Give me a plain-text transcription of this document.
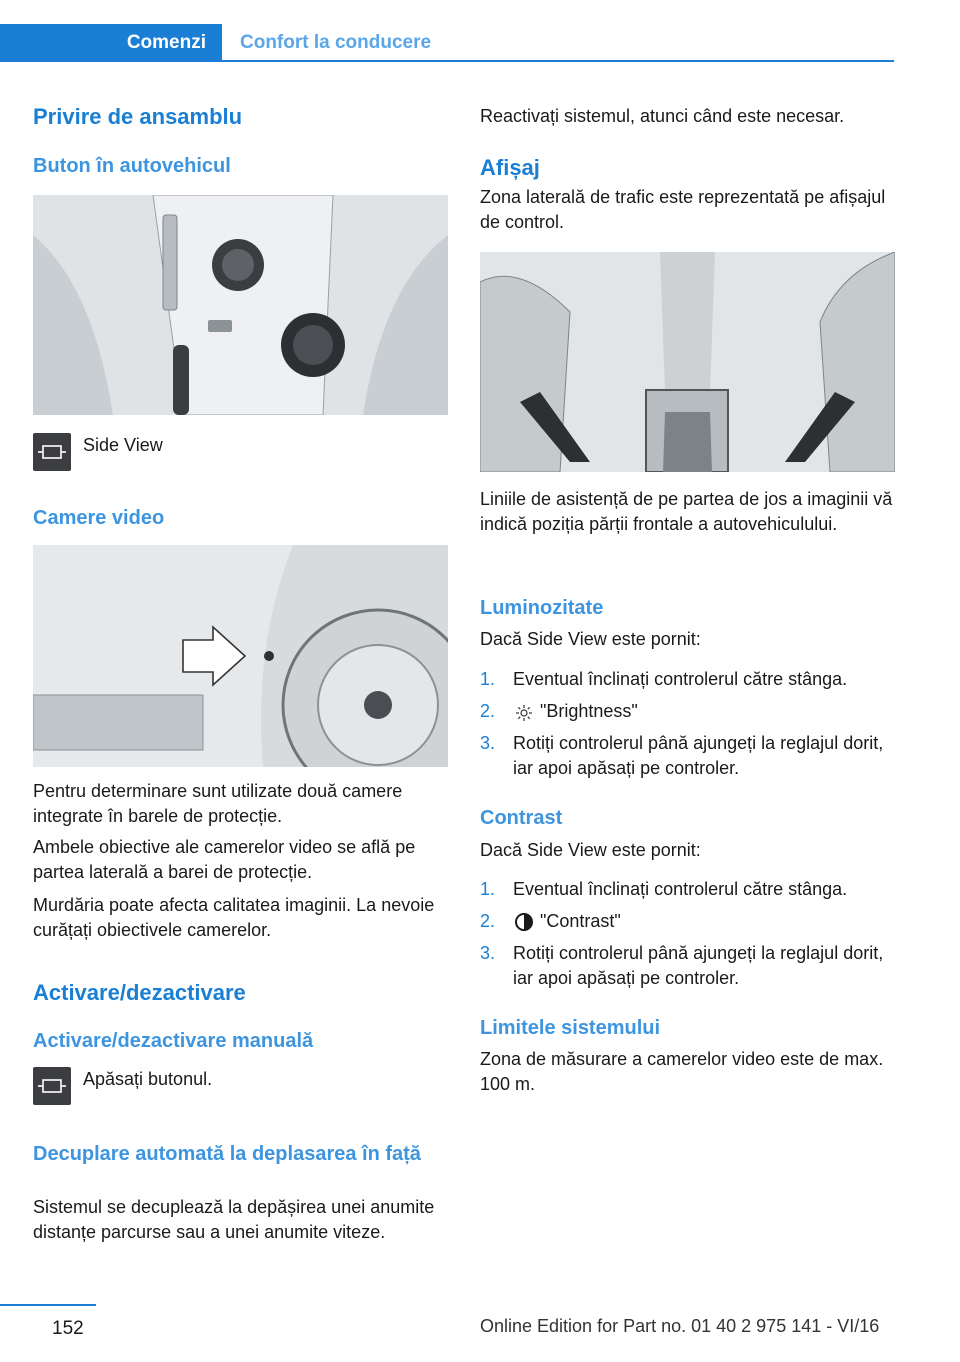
Comenzi	Confort la conducere
Privire de ansamblu
Buton în autovehicul
Side View
Camere video
Pentru determinare sunt utilizate două camere integrate în barele de protecție.
Ambele obiective ale camerelor video se află pe partea laterală a barei de protecție.
Murdăria poate afecta calitatea imaginii. La nevoie curățați obiectivele camerelor.
Activare/dezactivare
Activare/dezactivare manuală
Apăsați butonul.
Decuplare automată la deplasarea în față
Sistemul se decuplează la depășirea unei anumite distanțe parcurse sau a unei anumite viteze.
Reactivați sistemul, atunci când este necesar.
Afișaj
Zona laterală de trafic este reprezentată pe afișajul de control.
Liniile de asistență de pe partea de jos a imaginii vă indică poziția părții frontale a autovehiculului.
Luminozitate
Dacă Side View este pornit:
1. Eventual înclinați controlerul către stânga.
2. "Brightness"
3. Rotiți controlerul până ajungeți la reglajul dorit, iar apoi apăsați pe controler.
Contrast
Dacă Side View este pornit:
1. Eventual înclinați controlerul către stânga.
2. "Contrast"
3. Rotiți controlerul până ajungeți la reglajul dorit, iar apoi apăsați pe controler.
Limitele sistemului
Zona de măsurare a camerelor video este de max. 100 m.
152	Online Edition for Part no. 01 40 2 975 141 - VI/16
